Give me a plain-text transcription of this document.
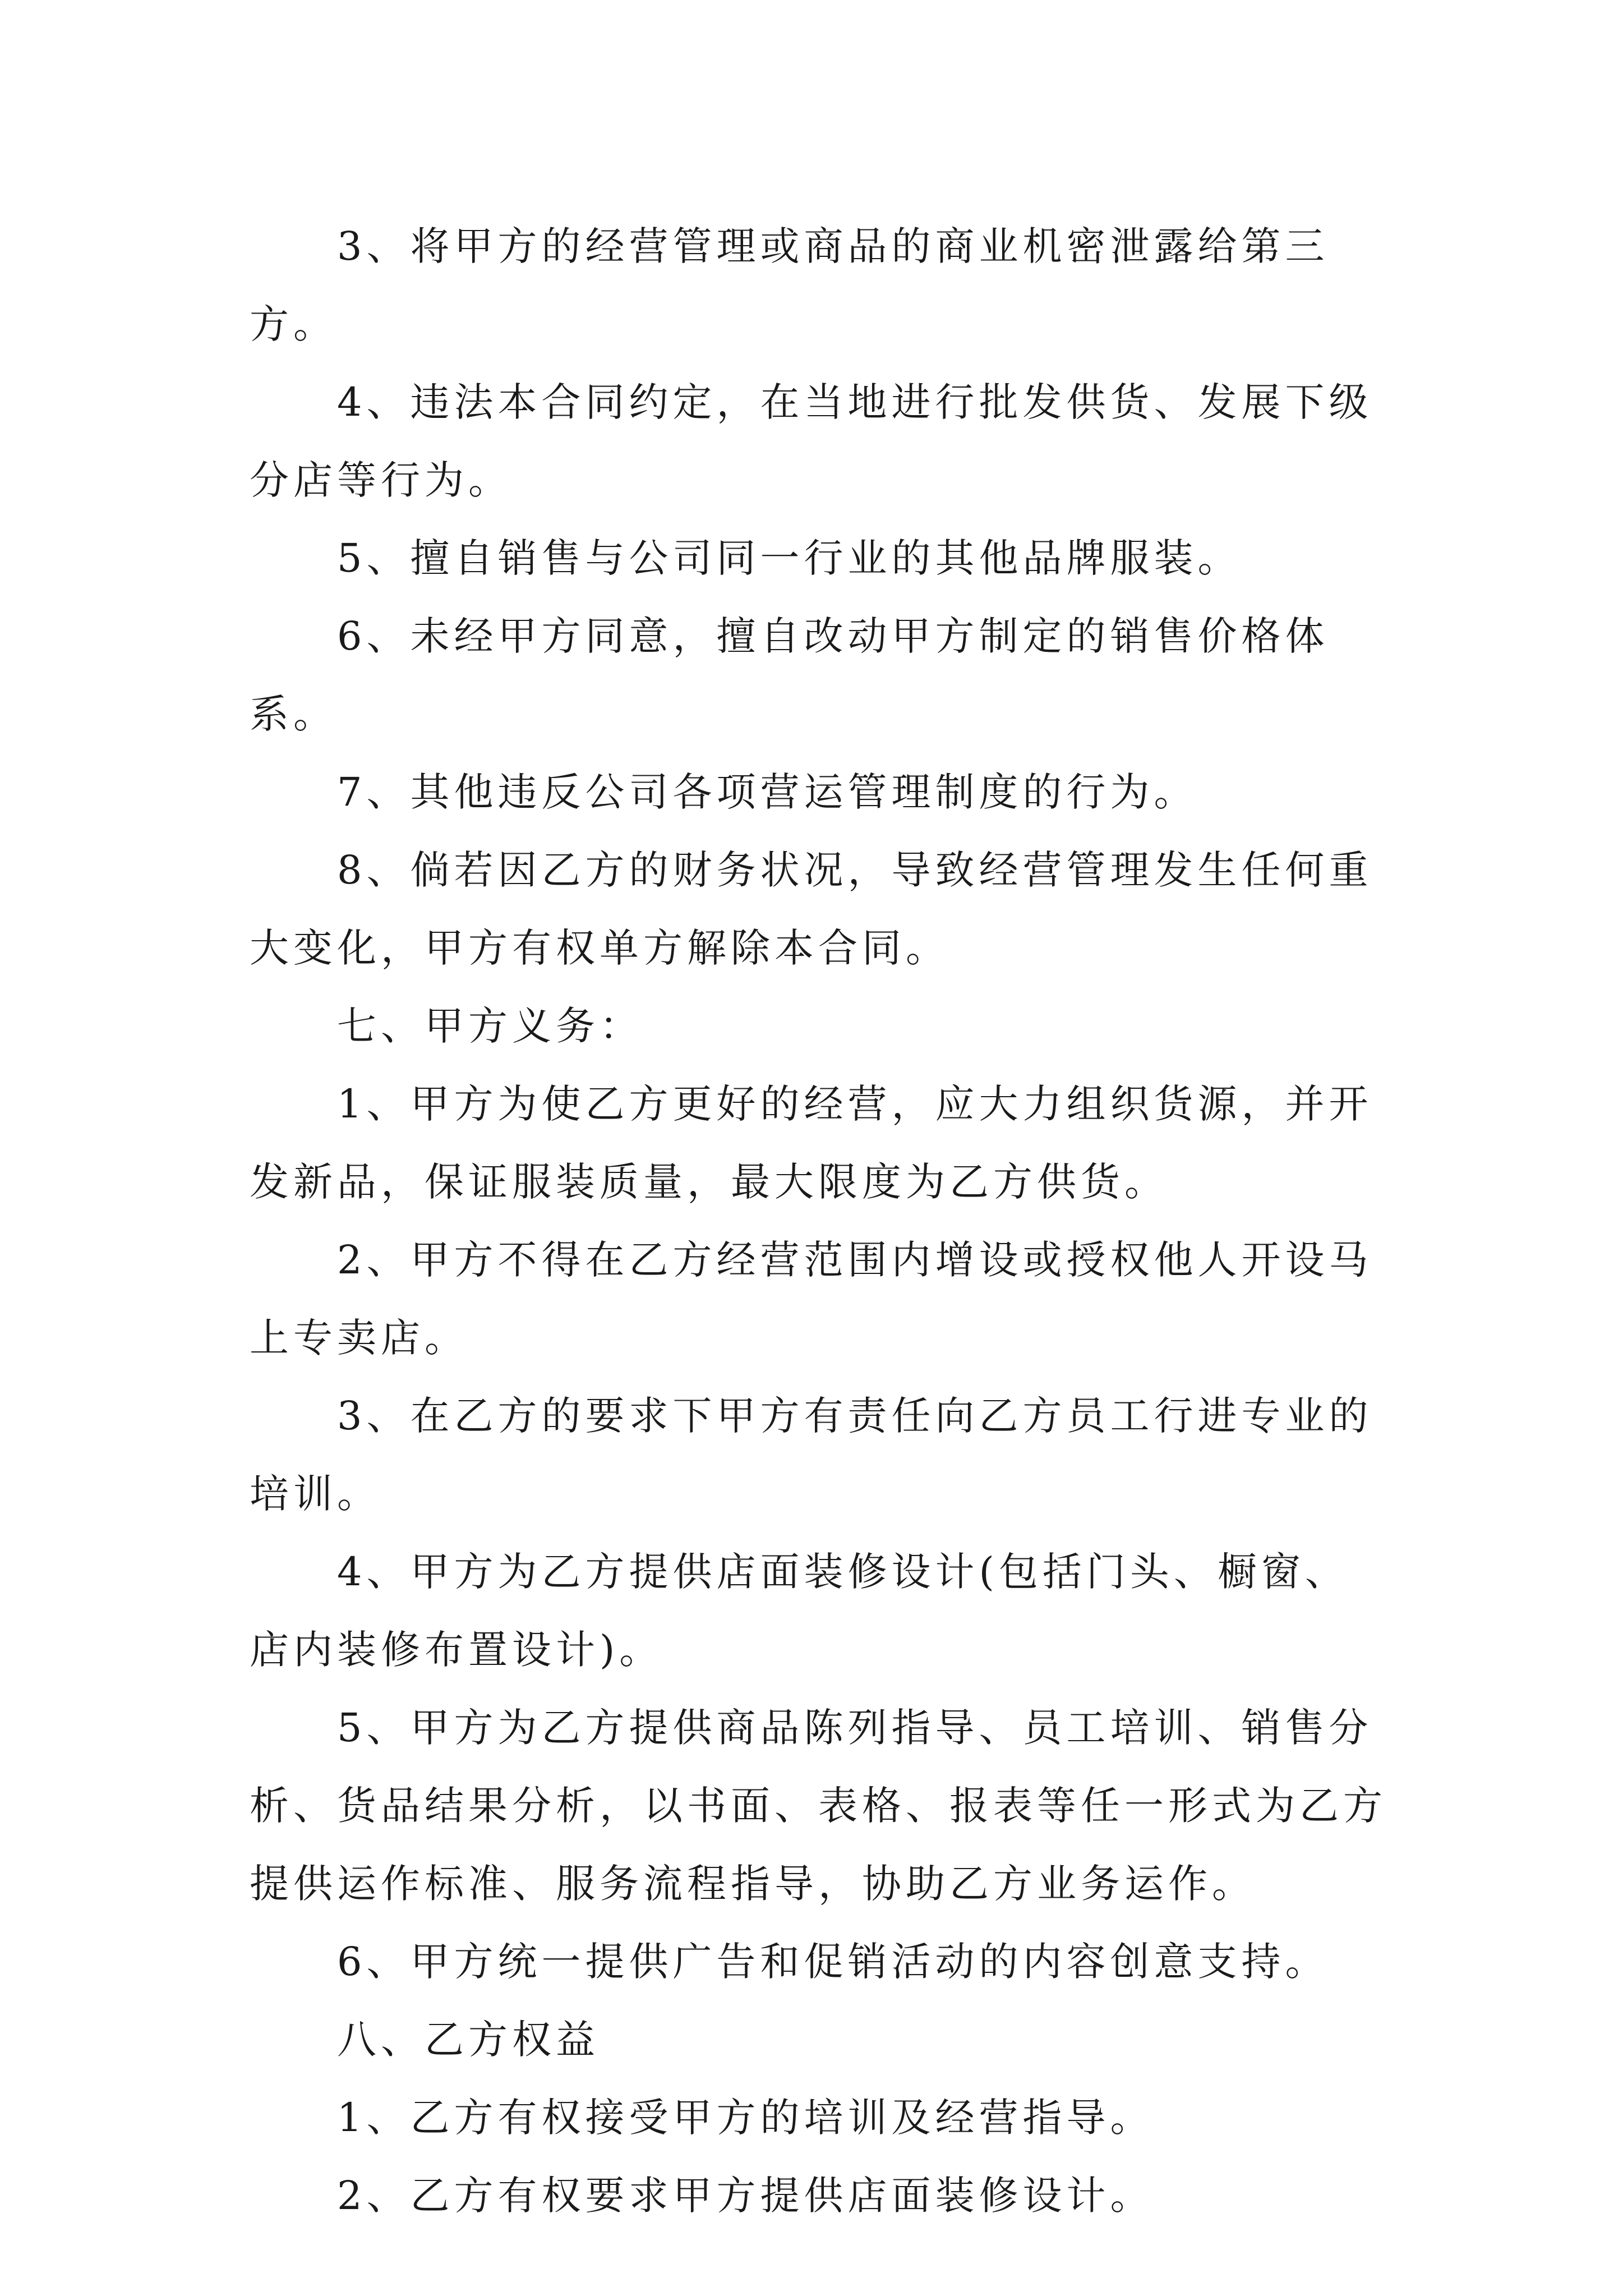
3、将甲方的经营管理或商品的商业机密泄露给第三方。

4、违法本合同约定，在当地进行批发供货、发展下级分店等行为。

5、擅自销售与公司同一行业的其他品牌服装。

6、未经甲方同意，擅自改动甲方制定的销售价格体系。

7、其他违反公司各项营运管理制度的行为。

8、倘若因乙方的财务状况，导致经营管理发生任何重大变化，甲方有权单方解除本合同。

七、甲方义务：

1、甲方为使乙方更好的经营，应大力组织货源，并开发新品，保证服装质量，最大限度为乙方供货。

2、甲方不得在乙方经营范围内增设或授权他人开设马上专卖店。

3、在乙方的要求下甲方有责任向乙方员工行进专业的培训。

4、甲方为乙方提供店面装修设计(包括门头、橱窗、店内装修布置设计)。

5、甲方为乙方提供商品陈列指导、员工培训、销售分析、货品结果分析，以书面、表格、报表等任一形式为乙方提供运作标准、服务流程指导，协助乙方业务运作。

6、甲方统一提供广告和促销活动的内容创意支持。

八、乙方权益

1、乙方有权接受甲方的培训及经营指导。

2、乙方有权要求甲方提供店面装修设计。
